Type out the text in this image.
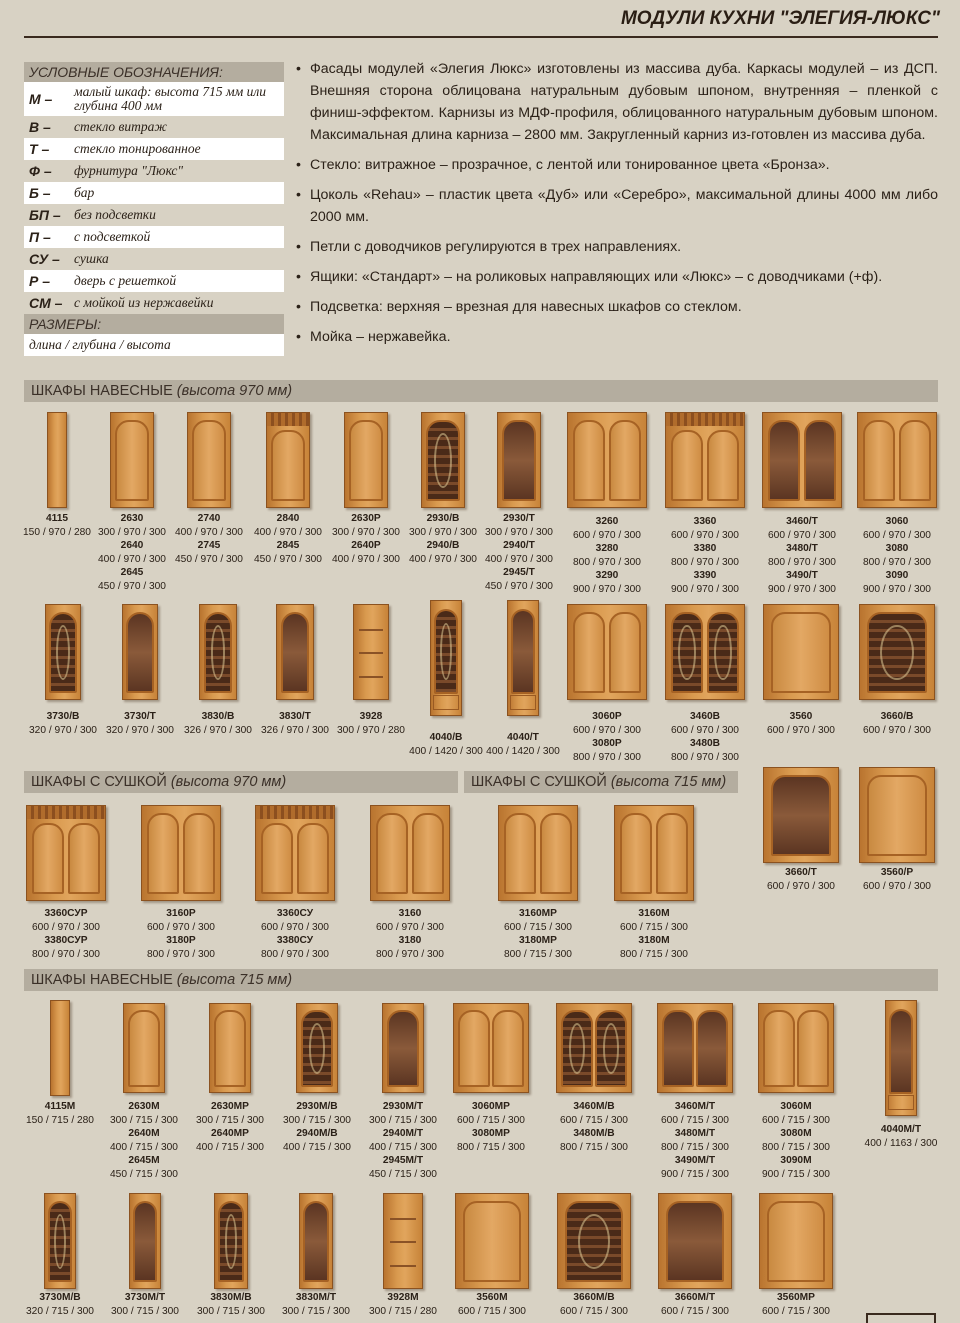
МОДУЛИ КУХНИ "ЭЛЕГИЯ-ЛЮКС"
УСЛОВНЫЕ ОБОЗНАЧЕНИЯ:
М –	малый шкаф: высота 715 мм или глубина 400 мм
В –	стекло витраж
Т –	стекло тонированное
Ф –	фурнитура "Люкс"
Б –	бар
БП – без подсветки
П –	с подсветкой
СУ –	сушка
Р –	дверь с решеткой
СМ – с мойкой из нержавейки
РАЗМЕРЫ:
длина / глубина / высота
• Фасады модулей «Элегия Люкс» изготовлены из массива дуба. Каркасы модулей – из ДСП. Внешняя сторона облицована натуральным дубовым шпоном, внутренняя – пленкой с финиш-эффектом. Карнизы из МДФ-профиля, облицованного натуральным дубовым шпоном. Максимальная длина карниза – 2800 мм. Закругленный карниз из-готовлен из массива дуба.
• Стекло: витражное – прозрачное, с лентой или тонированное цвета «Бронза».
• Цоколь «Rehau» – пластик цвета «Дуб» или «Серебро», максимальной длины 4000 мм либо 2000 мм.
• Петли с доводчиков регулируются в трех направлениях.
• Ящики: «Стандарт» – на роликовых направляющих или «Люкс» – с доводчиками (+ф).
• Подсветка: верхняя – врезная для навесных шкафов со стеклом.
• Мойка – нержавейка.
ШКАФЫ НАВЕСНЫЕ (высота 970 мм)
ШКАФЫ С СУШКОЙ (высота 970 мм)	ШКАФЫ С СУШКОЙ (высота 715 мм)
ШКАФЫ НАВЕСНЫЕ (высота 715 мм)
4115
150 / 970 / 280
2630
300 / 970 / 300
2640
400 / 970 / 300
2645
450 / 970 / 300
2740
400 / 970 / 300
2745
450 / 970 / 300
2840
400 / 970 / 300
2845
450 / 970 / 300
2630Р
300 / 970 / 300
2640Р
400 / 970 / 300
2930/В
300 / 970 / 300
2940/В
400 / 970 / 300
2930/Т
300 / 970 / 300
2940/Т
400 / 970 / 300
2945/Т
450 / 970 / 300
3260
600 / 970 / 300
3280
800 / 970 / 300
3290
900 / 970 / 300
3360
600 / 970 / 300
3380
800 / 970 / 300
3390
900 / 970 / 300
3460/Т
600 / 970 / 300
3480/Т
800 / 970 / 300
3490/Т
900 / 970 / 300
3060
600 / 970 / 300
3080
800 / 970 / 300
3090
900 / 970 / 300
3730/В
320 / 970 / 300
3730/Т
320 / 970 / 300
3830/В
326 / 970 / 300
3830/Т
326 / 970 / 300
3928
300 / 970 / 280
4040/В
400 / 1420 / 300
4040/Т
400 / 1420 / 300
3060Р
600 / 970 / 300
3080Р
800 / 970 / 300
3460В
600 / 970 / 300
3480В
800 / 970 / 300
3560
600 / 970 / 300
3660/В
600 / 970 / 300
3360СУР
600 / 970 / 300
3380СУР
800 / 970 / 300
3160Р
600 / 970 / 300
3180Р
800 / 970 / 300
3360СУ
600 / 970 / 300
3380СУ
800 / 970 / 300
3160
600 / 970 / 300
3180
800 / 970 / 300
3160МР
600 / 715 / 300
3180МР
800 / 715 / 300
3160М
600 / 715 / 300
3180М
800 / 715 / 300
3660/Т
600 / 970 / 300
3560/Р
600 / 970 / 300
4115М
150 / 715 / 280
2630М
300 / 715 / 300
2640М
400 / 715 / 300
2645М
450 / 715 / 300
2630МР
300 / 715 / 300
2640МР
400 / 715 / 300
2930М/В
300 / 715 / 300
2940М/В
400 / 715 / 300
2930М/Т
300 / 715 / 300
2940М/Т
400 / 715 / 300
2945М/Т
450 / 715 / 300
3060МР
600 / 715 / 300
3080МР
800 / 715 / 300
3460М/В
600 / 715 / 300
3480М/В
800 / 715 / 300
3460М/Т
600 / 715 / 300
3480М/Т
800 / 715 / 300
3490М/Т
900 / 715 / 300
3060М
600 / 715 / 300
3080М
800 / 715 / 300
3090М
900 / 715 / 300
4040М/Т
400 / 1163 / 300
3730М/В
320 / 715 / 300
3730М/Т
300 / 715 / 300
3830М/В
300 / 715 / 300
3830М/Т
300 / 715 / 300
3928М
300 / 715 / 280
3560М
600 / 715 / 300
3660М/В
600 / 715 / 300
3660М/Т
600 / 715 / 300
3560МР
600 / 715 / 300
